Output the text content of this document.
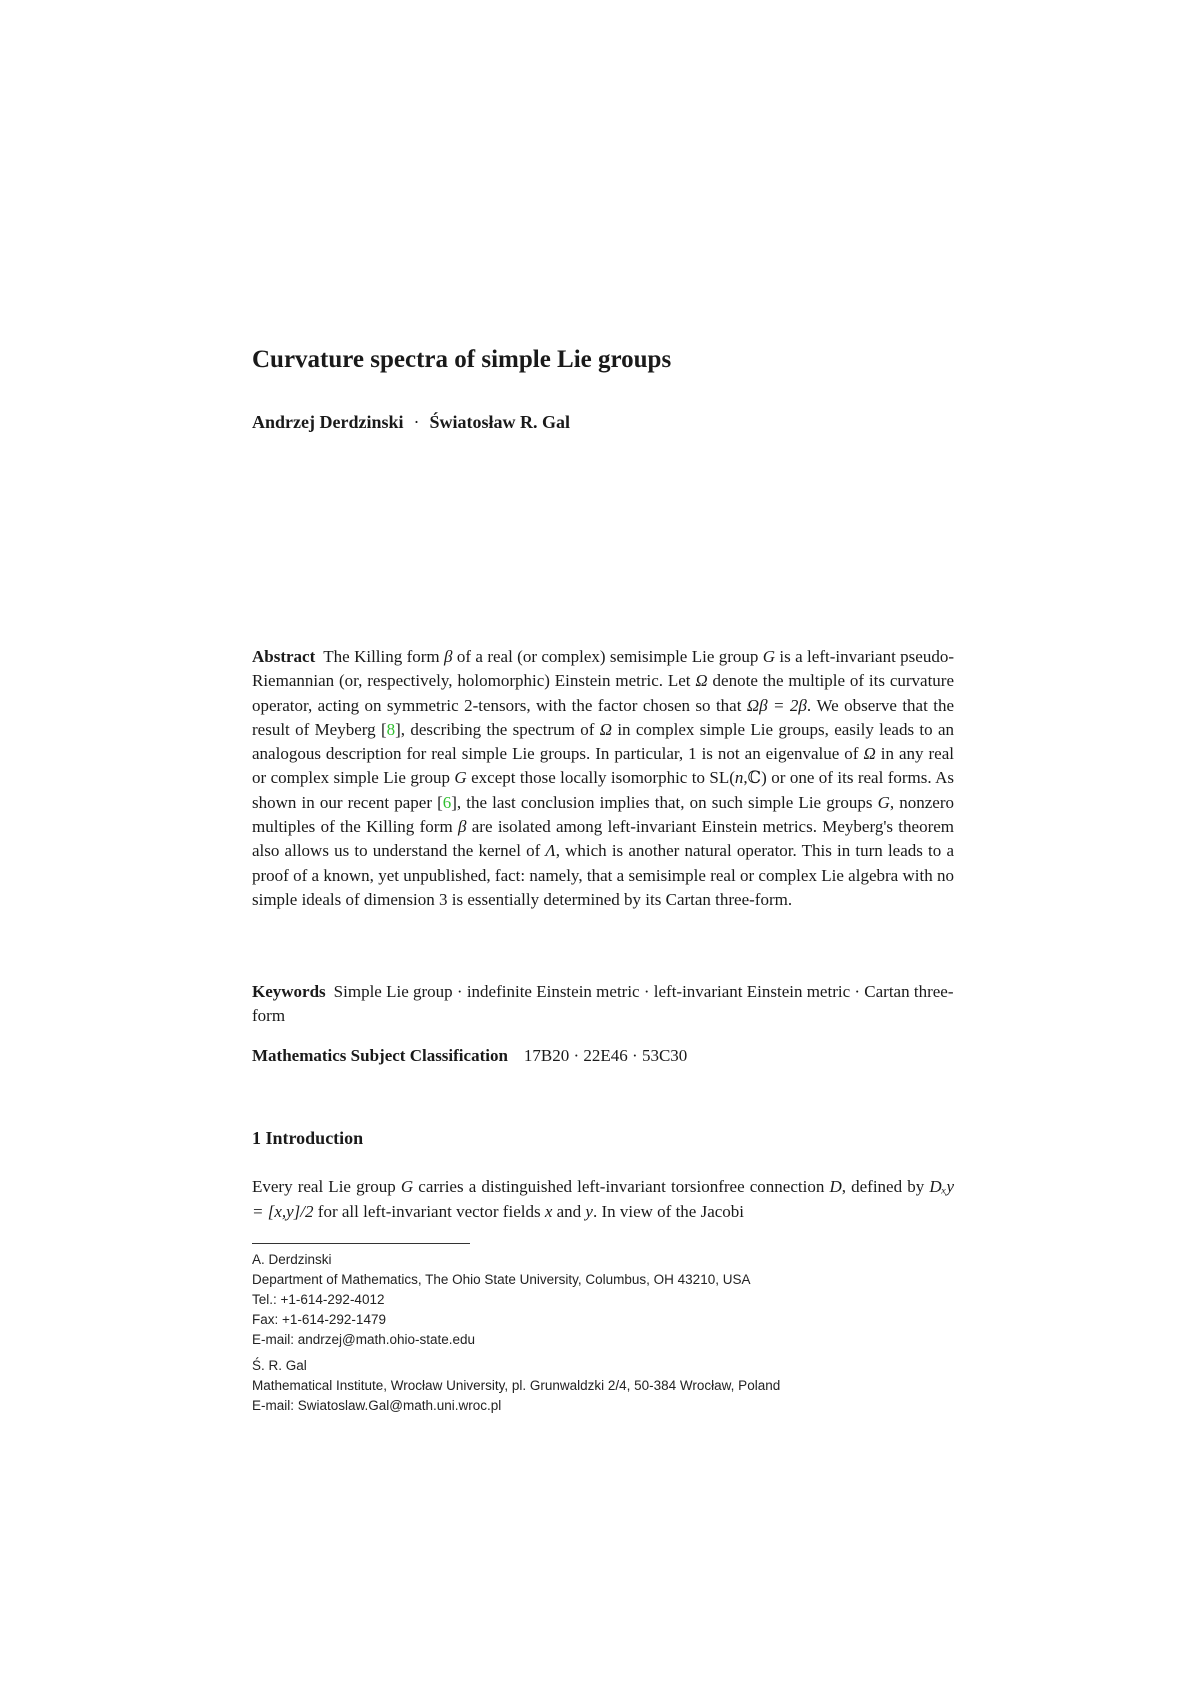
Curvature spectra of simple Lie groups
Andrzej Derdzinski · Światosław R. Gal
Abstract The Killing form β of a real (or complex) semisimple Lie group G is a left-invariant pseudo-Riemannian (or, respectively, holomorphic) Einstein metric. Let Ω denote the multiple of its curvature operator, acting on symmetric 2-tensors, with the factor chosen so that Ωβ = 2β. We observe that the result of Meyberg [8], describing the spectrum of Ω in complex simple Lie groups, easily leads to an analogous description for real simple Lie groups. In particular, 1 is not an eigenvalue of Ω in any real or complex simple Lie group G except those locally isomorphic to SL(n,ℂ) or one of its real forms. As shown in our recent paper [6], the last conclusion implies that, on such simple Lie groups G, nonzero multiples of the Killing form β are isolated among left-invariant Einstein metrics. Meyberg's theorem also allows us to understand the kernel of Λ, which is another natural operator. This in turn leads to a proof of a known, yet unpublished, fact: namely, that a semisimple real or complex Lie algebra with no simple ideals of dimension 3 is essentially determined by its Cartan three-form.
Keywords Simple Lie group · indefinite Einstein metric · left-invariant Einstein metric · Cartan three-form
Mathematics Subject Classification 17B20 · 22E46 · 53C30
1 Introduction
Every real Lie group G carries a distinguished left-invariant torsionfree connection D, defined by Dₓy = [x,y]/2 for all left-invariant vector fields x and y. In view of the Jacobi
A. Derdzinski
Department of Mathematics, The Ohio State University, Columbus, OH 43210, USA
Tel.: +1-614-292-4012
Fax: +1-614-292-1479
E-mail: andrzej@math.ohio-state.edu
Ś. R. Gal
Mathematical Institute, Wrocław University, pl. Grunwaldzki 2/4, 50-384 Wrocław, Poland
E-mail: Swiatoslaw.Gal@math.uni.wroc.pl
